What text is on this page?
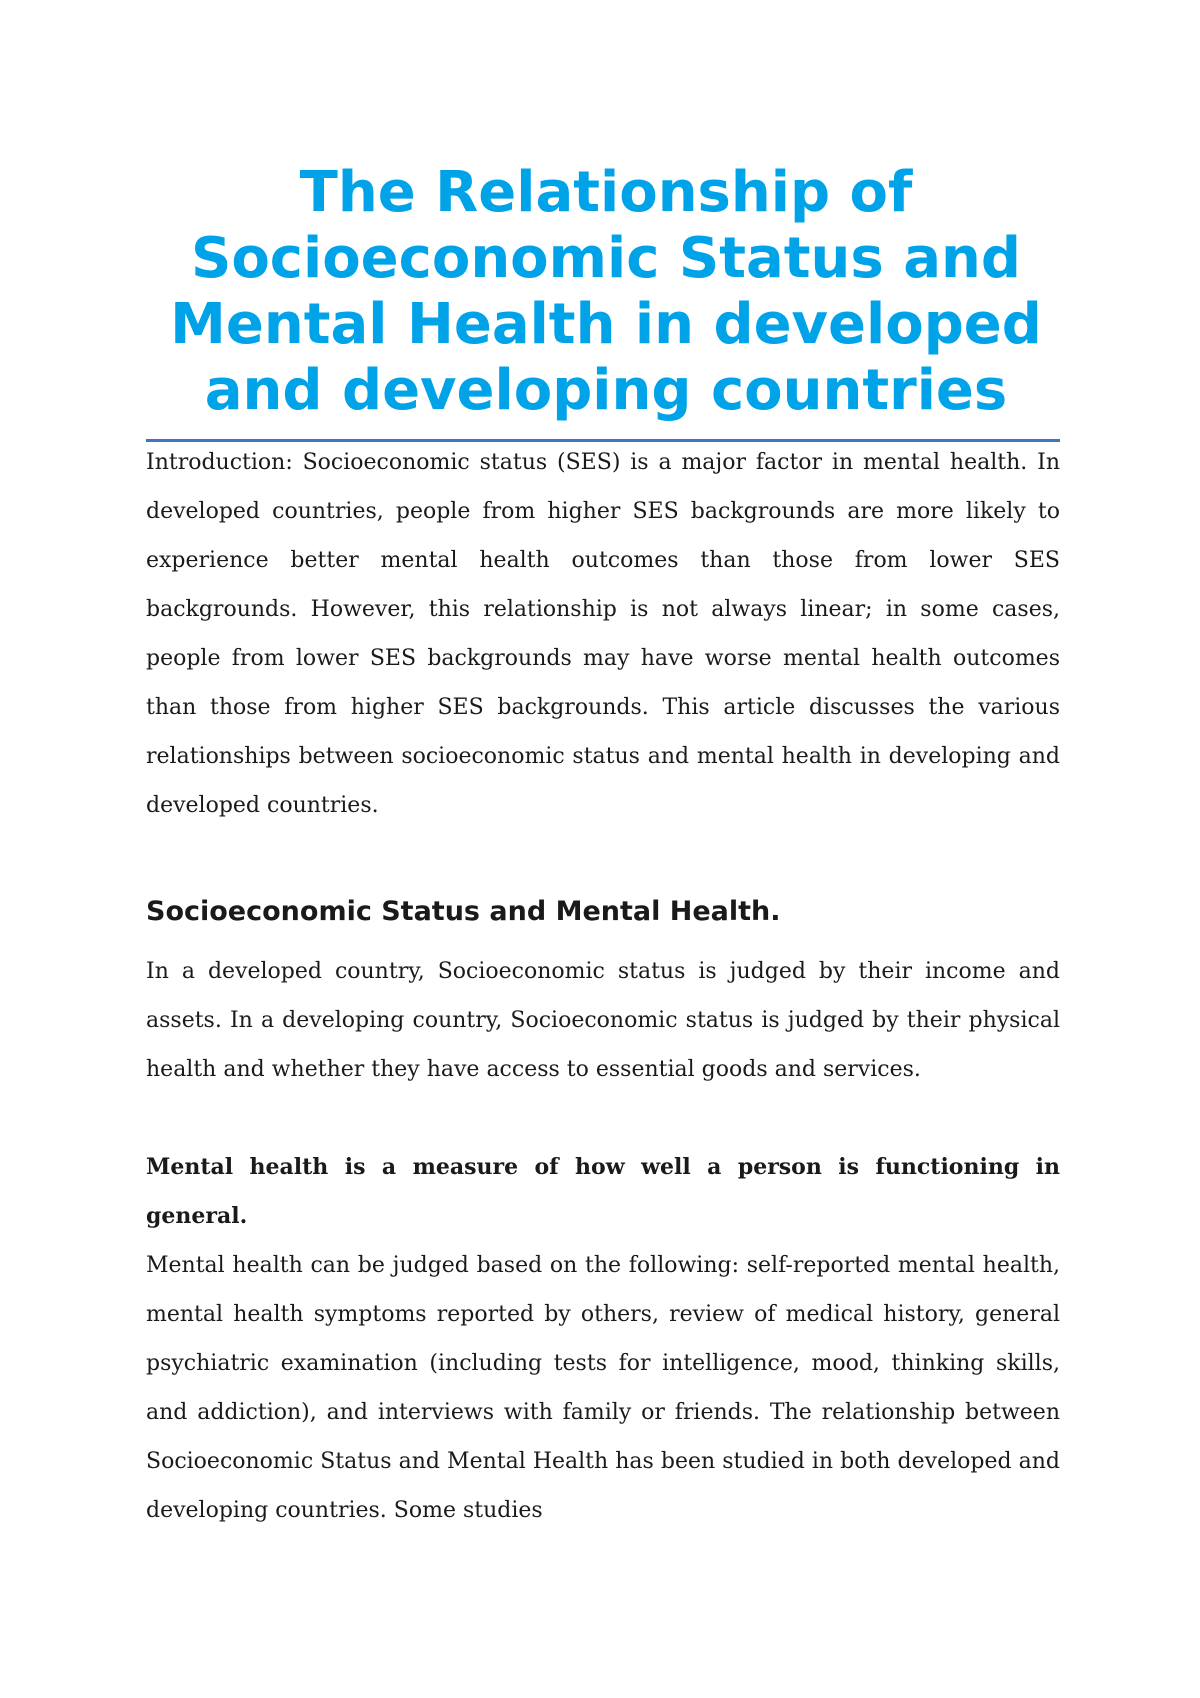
The Relationship of Socioeconomic Status and Mental Health in developed and developing countries

Introduction: Socioeconomic status (SES) is a major factor in mental health. In developed countries, people from higher SES backgrounds are more likely to experience better mental health outcomes than those from lower SES backgrounds. However, this relationship is not always linear; in some cases, people from lower SES backgrounds may have worse mental health outcomes than those from higher SES backgrounds. This article discusses the various relationships between socioeconomic status and mental health in developing and developed countries.

Socioeconomic Status and Mental Health.

In a developed country, Socioeconomic status is judged by their income and assets. In a developing country, Socioeconomic status is judged by their physical health and whether they have access to essential goods and services.

Mental health is a measure of how well a person is functioning in general.

Mental health can be judged based on the following: self-reported mental health, mental health symptoms reported by others, review of medical history, general psychiatric examination (including tests for intelligence, mood, thinking skills, and addiction), and interviews with family or friends. The relationship between Socioeconomic Status and Mental Health has been studied in both developed and developing countries. Some studies
